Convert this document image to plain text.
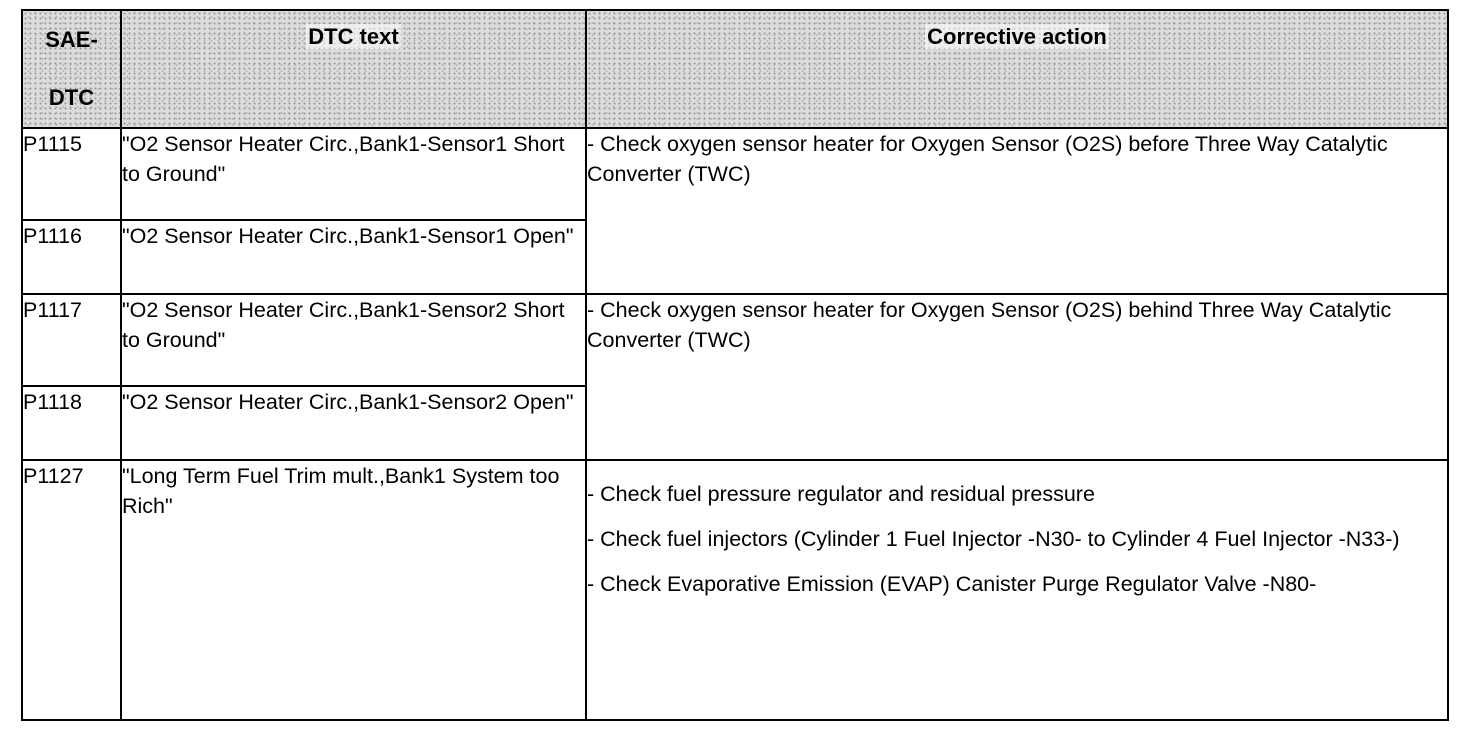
SAE-
DTC	DTC text	Corrective action

P1115	"O2 Sensor Heater Circ.,Bank1-Sensor1 Short to Ground"	- Check oxygen sensor heater for Oxygen Sensor (O2S) before Three Way Catalytic Converter (TWC)
P1116	"O2 Sensor Heater Circ.,Bank1-Sensor1 Open"	
P1117	"O2 Sensor Heater Circ.,Bank1-Sensor2 Short to Ground"	- Check oxygen sensor heater for Oxygen Sensor (O2S) behind Three Way Catalytic Converter (TWC)
P1118	"O2 Sensor Heater Circ.,Bank1-Sensor2 Open"	
P1127	"Long Term Fuel Trim mult.,Bank1 System too Rich"	- Check fuel pressure regulator and residual pressure

- Check fuel injectors (Cylinder 1 Fuel Injector -N30- to Cylinder 4 Fuel Injector -N33-)

- Check Evaporative Emission (EVAP) Canister Purge Regulator Valve -N80-
